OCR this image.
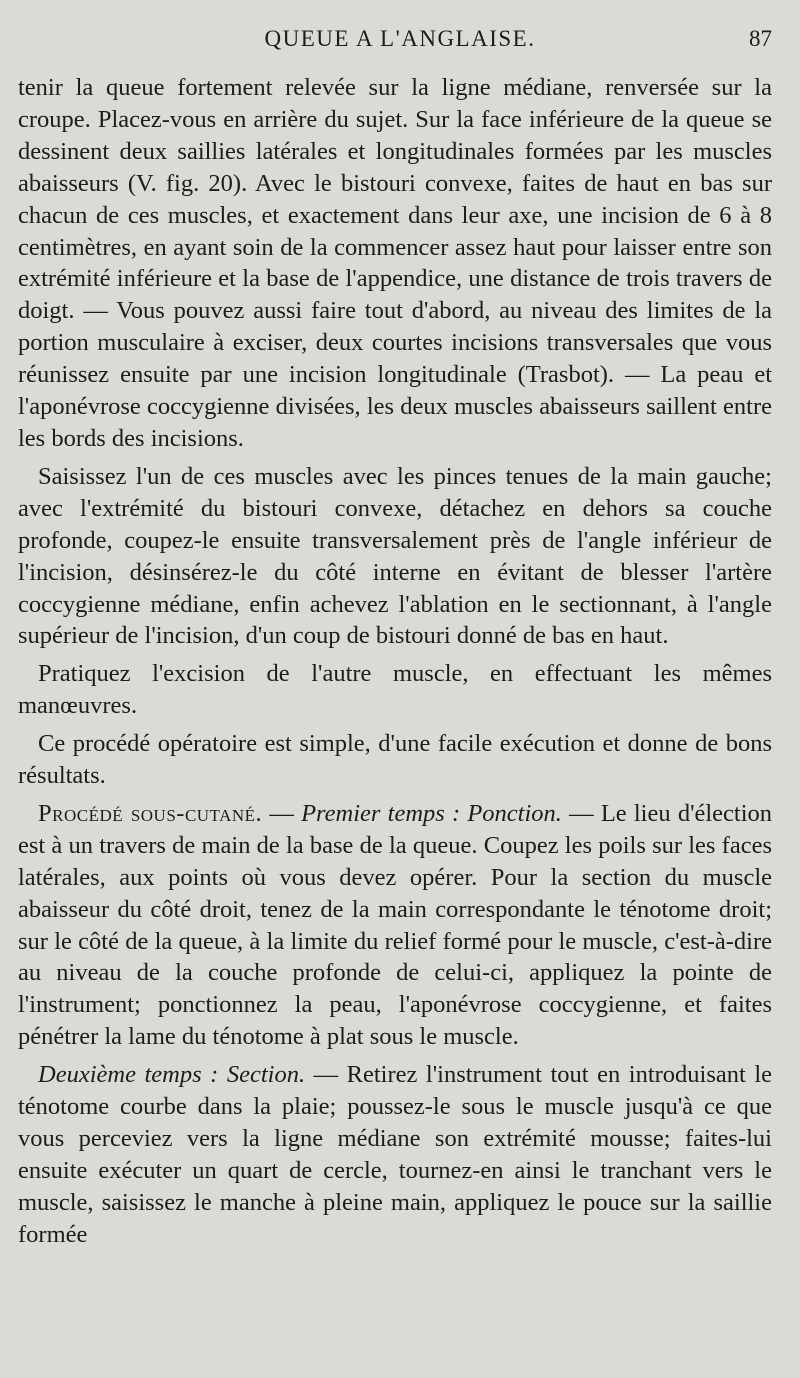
QUEUE A L'ANGLAISE.	87

tenir la queue fortement relevée sur la ligne médiane, renversée sur la croupe. Placez-vous en arrière du sujet. Sur la face inférieure de la queue se dessinent deux saillies latérales et longitudinales formées par les muscles abaisseurs (V. fig. 20). Avec le bistouri convexe, faites de haut en bas sur chacun de ces muscles, et exactement dans leur axe, une incision de 6 à 8 centimètres, en ayant soin de la commencer assez haut pour laisser entre son extrémité inférieure et la base de l'appendice, une distance de trois travers de doigt. — Vous pouvez aussi faire tout d'abord, au niveau des limites de la portion musculaire à exciser, deux courtes incisions transversales que vous réunissez ensuite par une incision longitudinale (Trasbot). — La peau et l'aponévrose coccygienne divisées, les deux muscles abaisseurs saillent entre les bords des incisions.

Saisissez l'un de ces muscles avec les pinces tenues de la main gauche; avec l'extrémité du bistouri convexe, détachez en dehors sa couche profonde, coupez-le ensuite transversalement près de l'angle inférieur de l'incision, désinsérez-le du côté interne en évitant de blesser l'artère coccygienne médiane, enfin achevez l'ablation en le sectionnant, à l'angle supérieur de l'incision, d'un coup de bistouri donné de bas en haut.

Pratiquez l'excision de l'autre muscle, en effectuant les mêmes manœuvres.

Ce procédé opératoire est simple, d'une facile exécution et donne de bons résultats.

Procédé sous-cutané. — Premier temps : Ponction. — Le lieu d'élection est à un travers de main de la base de la queue. Coupez les poils sur les faces latérales, aux points où vous devez opérer. Pour la section du muscle abaisseur du côté droit, tenez de la main correspondante le ténotome droit; sur le côté de la queue, à la limite du relief formé pour le muscle, c'est-à-dire au niveau de la couche profonde de celui-ci, appliquez la pointe de l'instrument; ponctionnez la peau, l'aponévrose coccygienne, et faites pénétrer la lame du ténotome à plat sous le muscle.

Deuxième temps : Section. — Retirez l'instrument tout en introduisant le ténotome courbe dans la plaie; poussez-le sous le muscle jusqu'à ce que vous perceviez vers la ligne médiane son extrémité mousse; faites-lui ensuite exécuter un quart de cercle, tournez-en ainsi le tranchant vers le muscle, saisissez le manche à pleine main, appliquez le pouce sur la saillie formée
